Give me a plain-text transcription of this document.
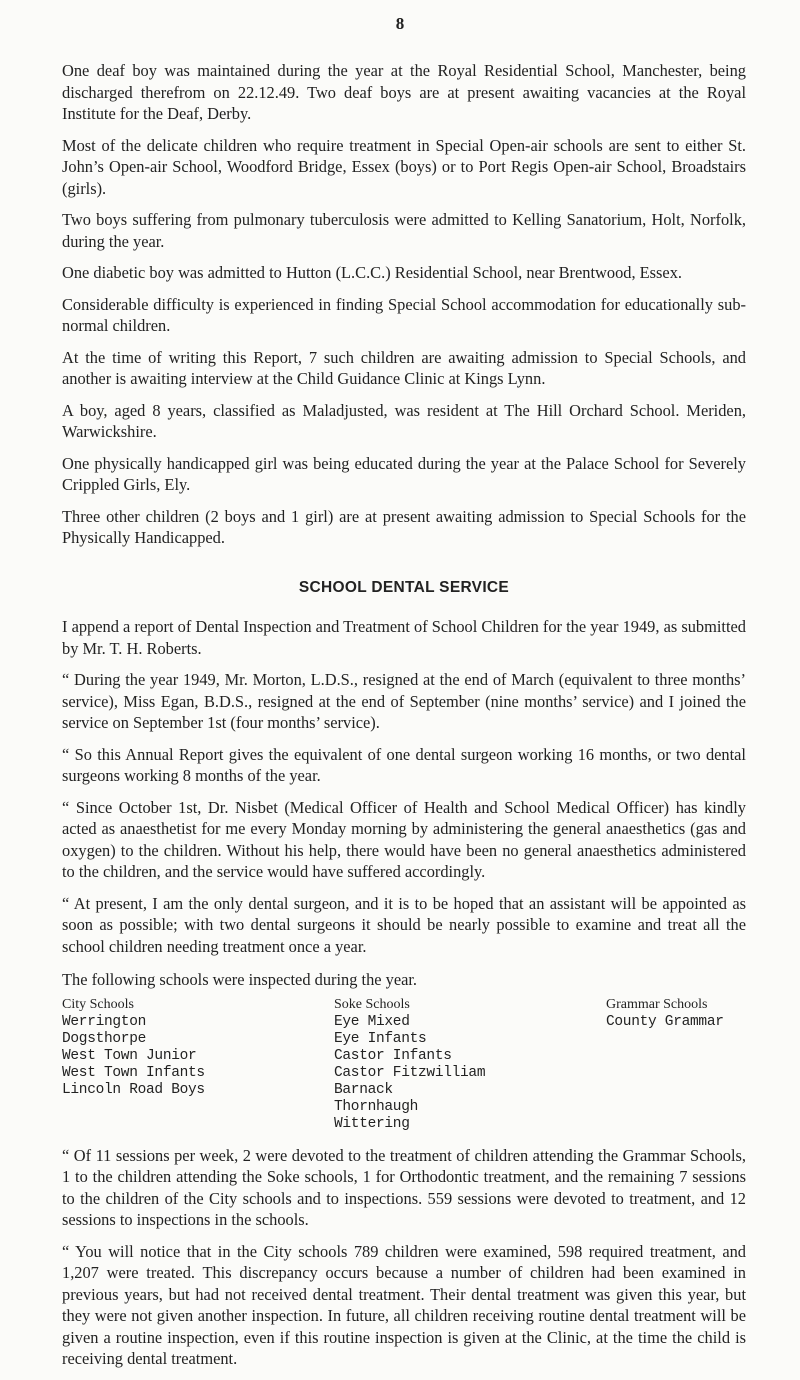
8

One deaf boy was maintained during the year at the Royal Residential School, Manchester, being discharged therefrom on 22.12.49. Two deaf boys are at present awaiting vacancies at the Royal Institute for the Deaf, Derby.

Most of the delicate children who require treatment in Special Open-air schools are sent to either St. John’s Open-air School, Woodford Bridge, Essex (boys) or to Port Regis Open-air School, Broadstairs (girls).

Two boys suffering from pulmonary tuberculosis were admitted to Kelling Sanatorium, Holt, Norfolk, during the year.

One diabetic boy was admitted to Hutton (L.C.C.) Residential School, near Brentwood, Essex.

Considerable difficulty is experienced in finding Special School accommodation for educationally sub-normal children.

At the time of writing this Report, 7 such children are awaiting admission to Special Schools, and another is awaiting interview at the Child Guidance Clinic at Kings Lynn.

A boy, aged 8 years, classified as Maladjusted, was resident at The Hill Orchard School. Meriden, Warwickshire.

One physically handicapped girl was being educated during the year at the Palace School for Severely Crippled Girls, Ely.

Three other children (2 boys and 1 girl) are at present awaiting admission to Special Schools for the Physically Handicapped.

SCHOOL DENTAL SERVICE

I append a report of Dental Inspection and Treatment of School Children for the year 1949, as submitted by Mr. T. H. Roberts.

“ During the year 1949, Mr. Morton, L.D.S., resigned at the end of March (equivalent to three months’ service), Miss Egan, B.D.S., resigned at the end of September (nine months’ service) and I joined the service on September 1st (four months’ service).

“ So this Annual Report gives the equivalent of one dental surgeon working 16 months, or two dental surgeons working 8 months of the year.

“ Since October 1st, Dr. Nisbet (Medical Officer of Health and School Medical Officer) has kindly acted as anaesthetist for me every Monday morning by administering the general anaesthetics (gas and oxygen) to the children. Without his help, there would have been no general anaesthetics administered to the children, and the service would have suffered accordingly.

“ At present, I am the only dental surgeon, and it is to be hoped that an assistant will be appointed as soon as possible; with two dental surgeons it should be nearly possible to examine and treat all the school children needing treatment once a year.

The following schools were inspected during the year.

City Schools
Werrington
Dogsthorpe
West Town Junior
West Town Infants
Lincoln Road Boys
Soke Schools
Eye Mixed
Eye Infants
Castor Infants
Castor Fitzwilliam
Barnack
Thornhaugh
Wittering
Grammar Schools
County Grammar

“ Of 11 sessions per week, 2 were devoted to the treatment of children attending the Grammar Schools, 1 to the children attending the Soke schools, 1 for Orthodontic treatment, and the remaining 7 sessions to the children of the City schools and to inspections. 559 sessions were devoted to treatment, and 12 sessions to inspections in the schools.

“ You will notice that in the City schools 789 children were examined, 598 required treatment, and 1,207 were treated. This discrepancy occurs because a number of children had been examined in previous years, but had not received dental treatment. Their dental treatment was given this year, but they were not given another inspection. In future, all children receiving routine dental treatment will be given a routine inspection, even if this routine inspection is given at the Clinic, at the time the child is receiving dental treatment.
